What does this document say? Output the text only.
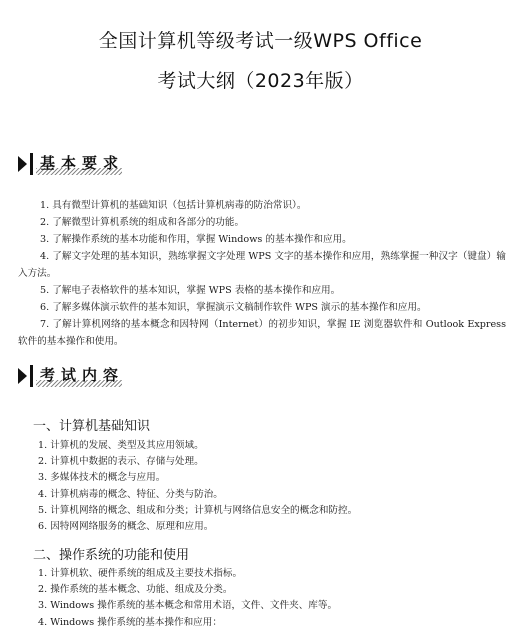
全国计算机等级考试一级WPS Office
考试大纲（2023年版）
基本要求

1. 具有微型计算机的基础知识（包括计算机病毒的防治常识）。

2. 了解微型计算机系统的组成和各部分的功能。

3. 了解操作系统的基本功能和作用，掌握 Windows 的基本操作和应用。

4. 了解文字处理的基本知识，熟练掌握文字处理 WPS 文字的基本操作和应用，熟练掌握一种汉字（键盘）输入方法。

5. 了解电子表格软件的基本知识，掌握 WPS 表格的基本操作和应用。

6. 了解多媒体演示软件的基本知识，掌握演示文稿制作软件 WPS 演示的基本操作和应用。

7. 了解计算机网络的基本概念和因特网（Internet）的初步知识，掌握 IE 浏览器软件和 Outlook Express 软件的基本操作和使用。

考试内容
一、计算机基础知识

1. 计算机的发展、类型及其应用领域。

2. 计算机中数据的表示、存储与处理。

3. 多媒体技术的概念与应用。

4. 计算机病毒的概念、特征、分类与防治。

5. 计算机网络的概念、组成和分类；计算机与网络信息安全的概念和防控。

6. 因特网网络服务的概念、原理和应用。

二、操作系统的功能和使用

1. 计算机软、硬件系统的组成及主要技术指标。

2. 操作系统的基本概念、功能、组成及分类。

3. Windows 操作系统的基本概念和常用术语，文件、文件夹、库等。

4. Windows 操作系统的基本操作和应用：
